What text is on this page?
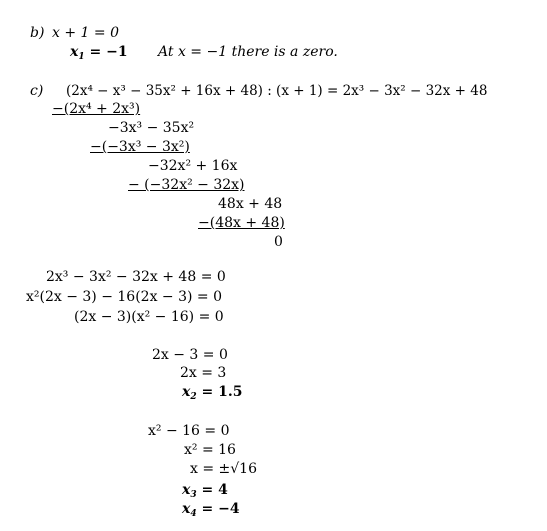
b) x + 1 = 0
$x_1 = -1$ At x = −1 there is a zero.
c) (2x⁴ − x³ − 35x² + 16x + 48) : (x + 1) = 2x³ − 3x² − 32x + 48
−(2x⁴ + 2x³)
−3x³ − 35x²
−(−3x³ − 3x²)
−32x² + 16x
− (−32x² − 32x)
48x + 48
−(48x + 48)
0
2x³ − 3x² − 32x + 48 = 0
x²(2x − 3) − 16(2x − 3) = 0
(2x − 3)(x² − 16) = 0
2x − 3 = 0
2x = 3
$x_2 = 1.5$
x² − 16 = 0
x² = 16
x = ±√16
$x_3 = 4$
$x_4 = -4$
